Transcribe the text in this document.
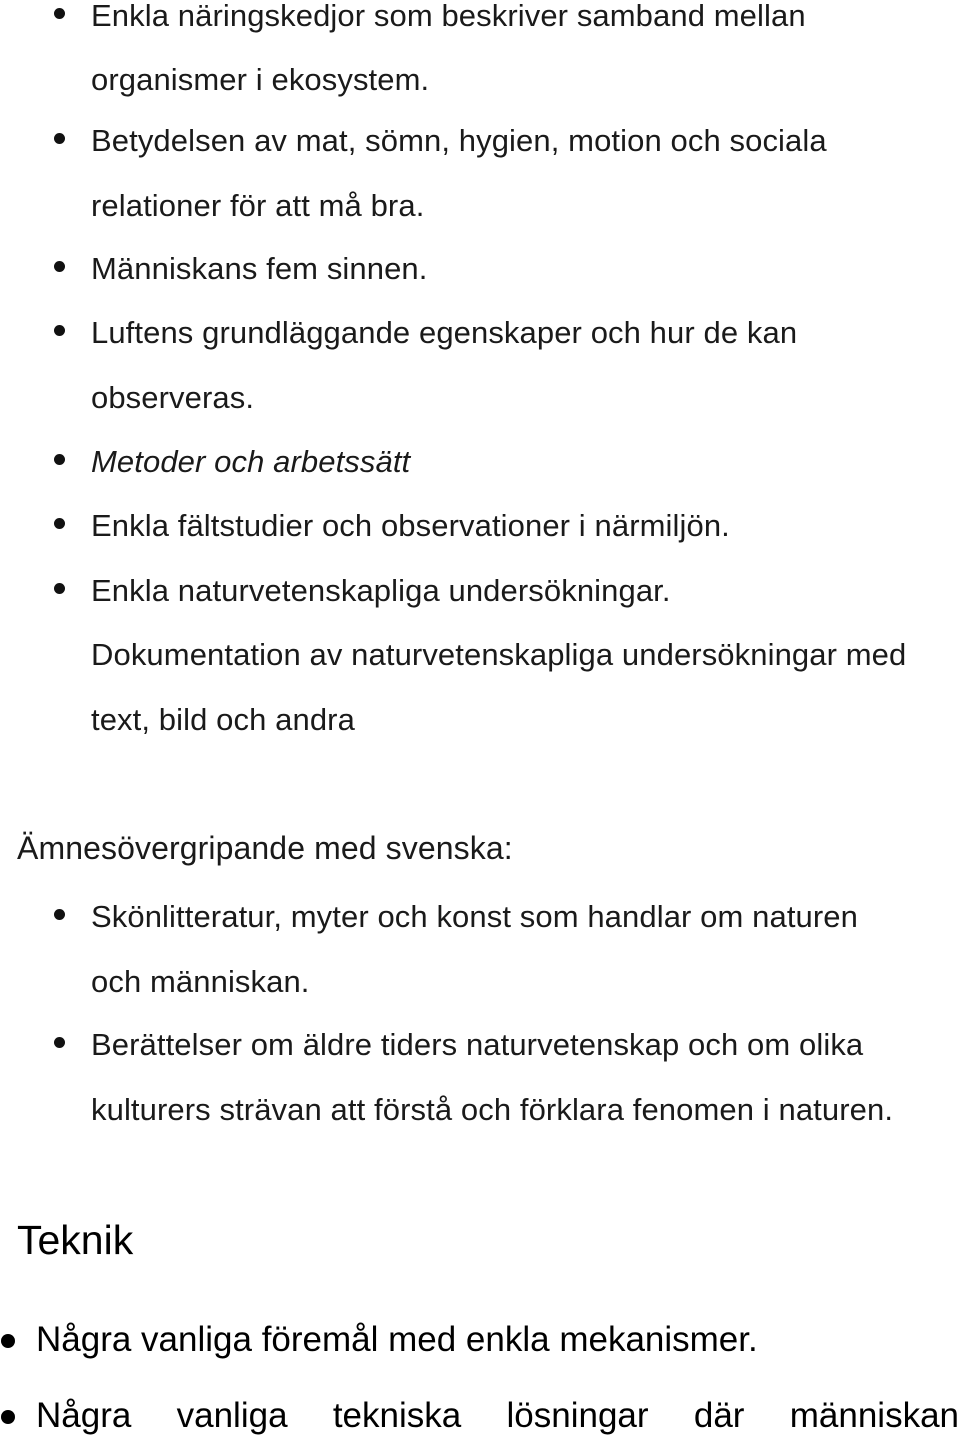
Enkla näringskedjor som beskriver samband mellan
organismer i ekosystem.
Betydelsen av mat, sömn, hygien, motion och sociala
relationer för att må bra.
Människans fem sinnen.
Luftens grundläggande egenskaper och hur de kan
observeras.
Metoder och arbetssätt
Enkla fältstudier och observationer i närmiljön.
Enkla naturvetenskapliga undersökningar.
Dokumentation av naturvetenskapliga undersökningar med
text, bild och andra
Ämnesövergripande med svenska:
Skönlitteratur, myter och konst som handlar om naturen
och människan.
Berättelser om äldre tiders naturvetenskap och om olika
kulturers strävan att förstå och förklara fenomen i naturen.
Teknik
Några vanliga föremål med enkla mekanismer.
Några vanliga tekniska lösningar där människan
